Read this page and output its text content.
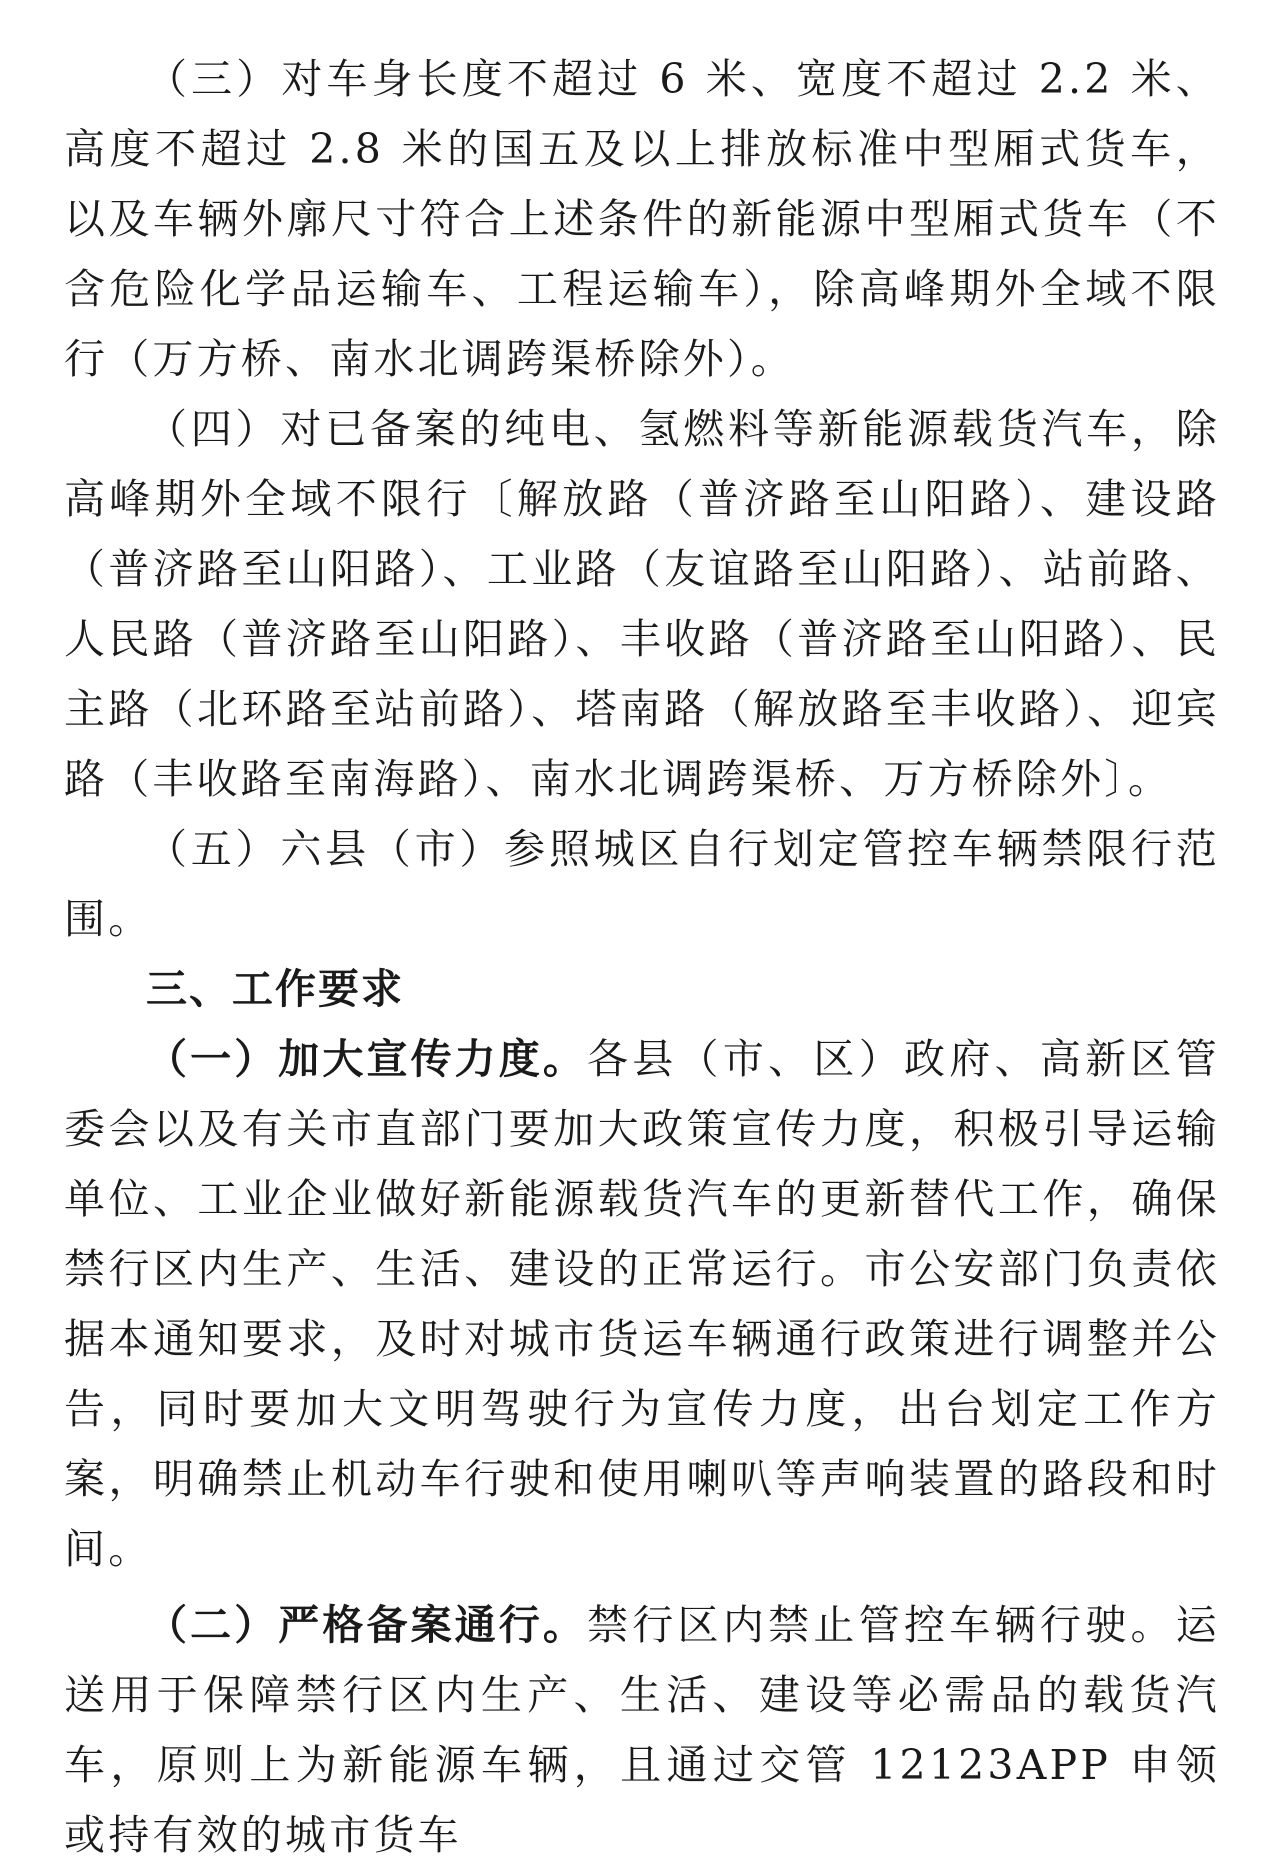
（三）对车身长度不超过 6 米、宽度不超过 2.2 米、高度不超过 2.8 米的国五及以上排放标准中型厢式货车，以及车辆外廓尺寸符合上述条件的新能源中型厢式货车（不含危险化学品运输车、工程运输车），除高峰期外全域不限行（万方桥、南水北调跨渠桥除外）。

（四）对已备案的纯电、氢燃料等新能源载货汽车，除高峰期外全域不限行〔解放路（普济路至山阳路）、建设路（普济路至山阳路）、工业路（友谊路至山阳路）、站前路、人民路（普济路至山阳路）、丰收路（普济路至山阳路）、民主路（北环路至站前路）、塔南路（解放路至丰收路）、迎宾路（丰收路至南海路）、南水北调跨渠桥、万方桥除外〕。

（五）六县（市）参照城区自行划定管控车辆禁限行范围。

三、工作要求

（一）加大宣传力度。各县（市、区）政府、高新区管委会以及有关市直部门要加大政策宣传力度，积极引导运输单位、工业企业做好新能源载货汽车的更新替代工作，确保禁行区内生产、生活、建设的正常运行。市公安部门负责依据本通知要求，及时对城市货运车辆通行政策进行调整并公告，同时要加大文明驾驶行为宣传力度，出台划定工作方案，明确禁止机动车行驶和使用喇叭等声响装置的路段和时间。

（二）严格备案通行。禁行区内禁止管控车辆行驶。运送用于保障禁行区内生产、生活、建设等必需品的载货汽车，原则上为新能源车辆，且通过交管 12123APP 申领或持有效的城市货车
